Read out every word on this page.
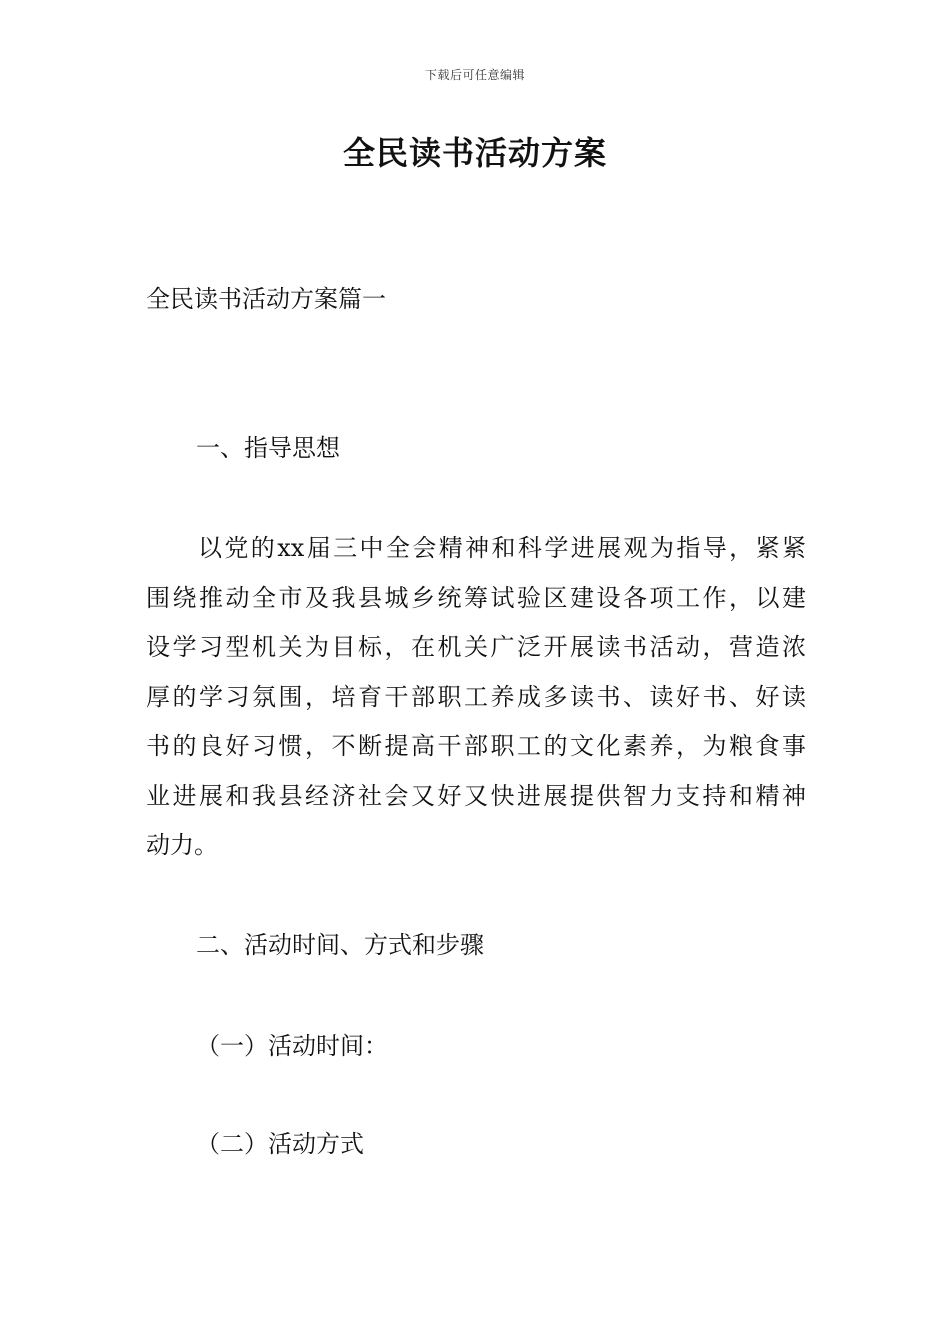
下载后可任意编辑
全民读书活动方案

全民读书活动方案篇一

一、指导思想

以党的xx届三中全会精神和科学进展观为指导，紧紧
围绕推动全市及我县城乡统筹试验区建设各项工作，以建
设学习型机关为目标，在机关广泛开展读书活动，营造浓
厚的学习氛围，培育干部职工养成多读书、读好书、好读
书的良好习惯，不断提高干部职工的文化素养，为粮食事
业进展和我县经济社会又好又快进展提供智力支持和精神
动力。

二、活动时间、方式和步骤

（一）活动时间：

（二）活动方式
